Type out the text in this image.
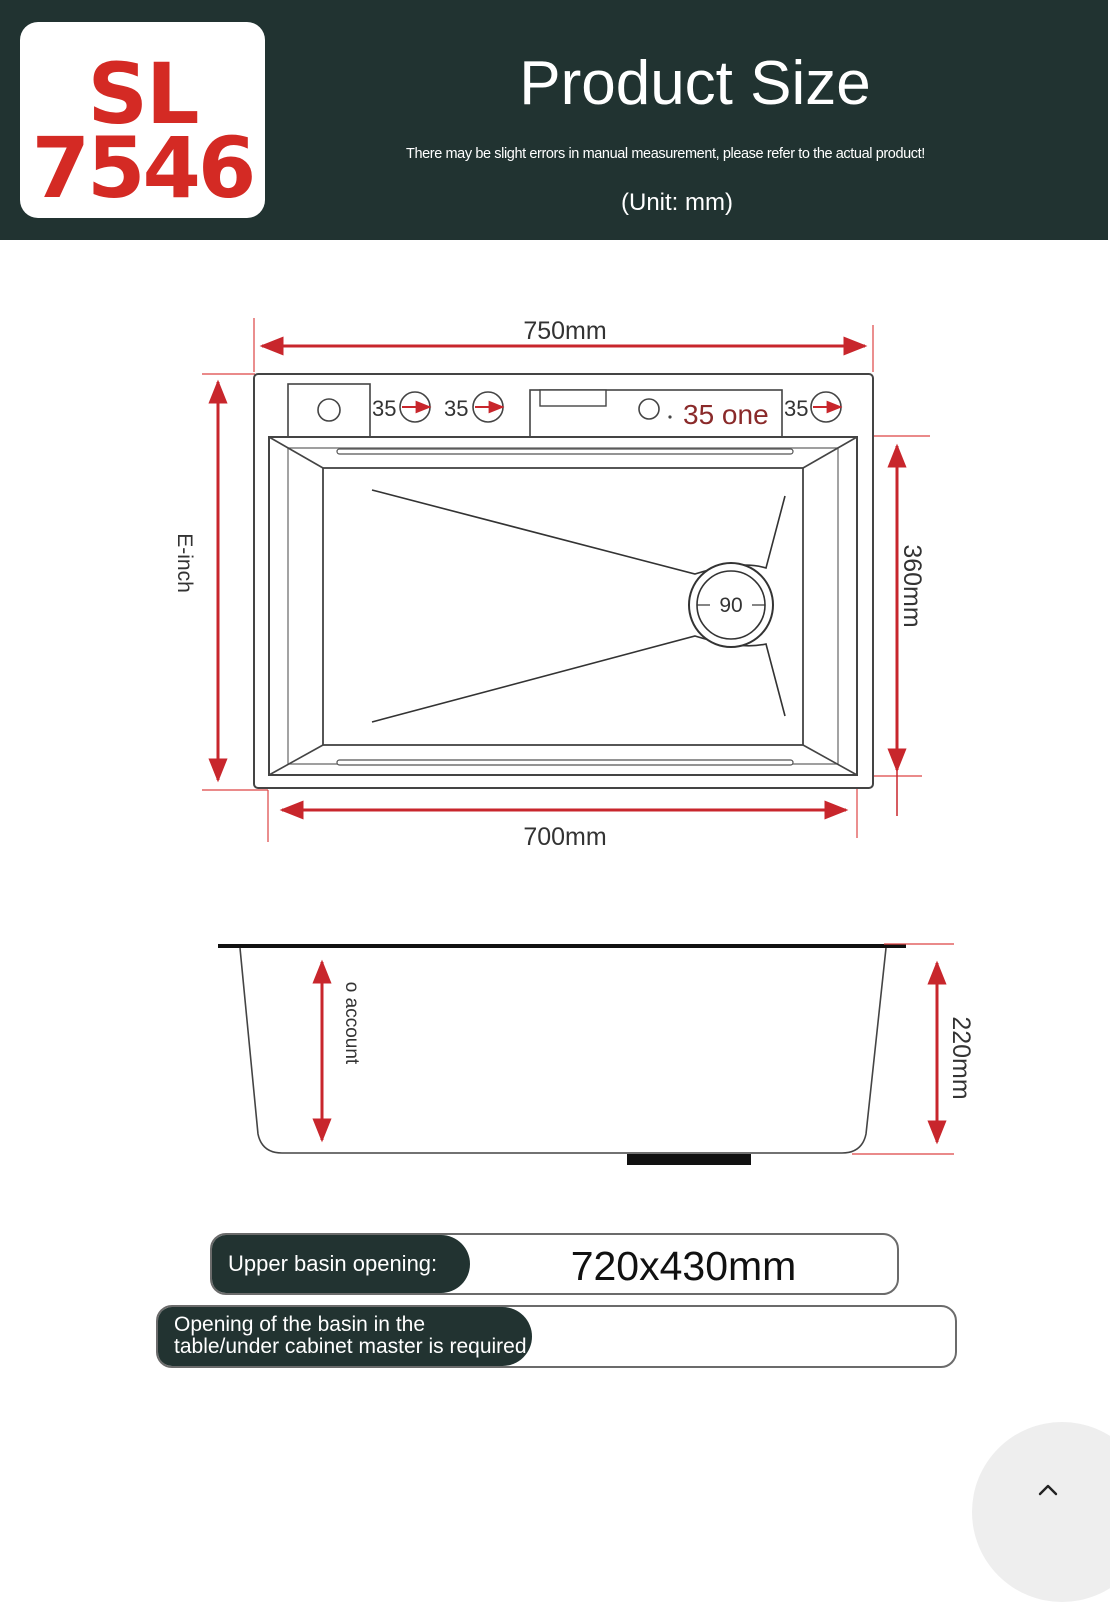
SL
7546
Product Size
There may be slight errors in manual measurement, please refer to the actual product!
(Unit: mm)
750mm
700mm
E-inch	360mm
35 35	35 one 35
90
o account	220mm
Upper basin opening:	720x430mm
Opening of the basin in the table/under cabinet master is required
